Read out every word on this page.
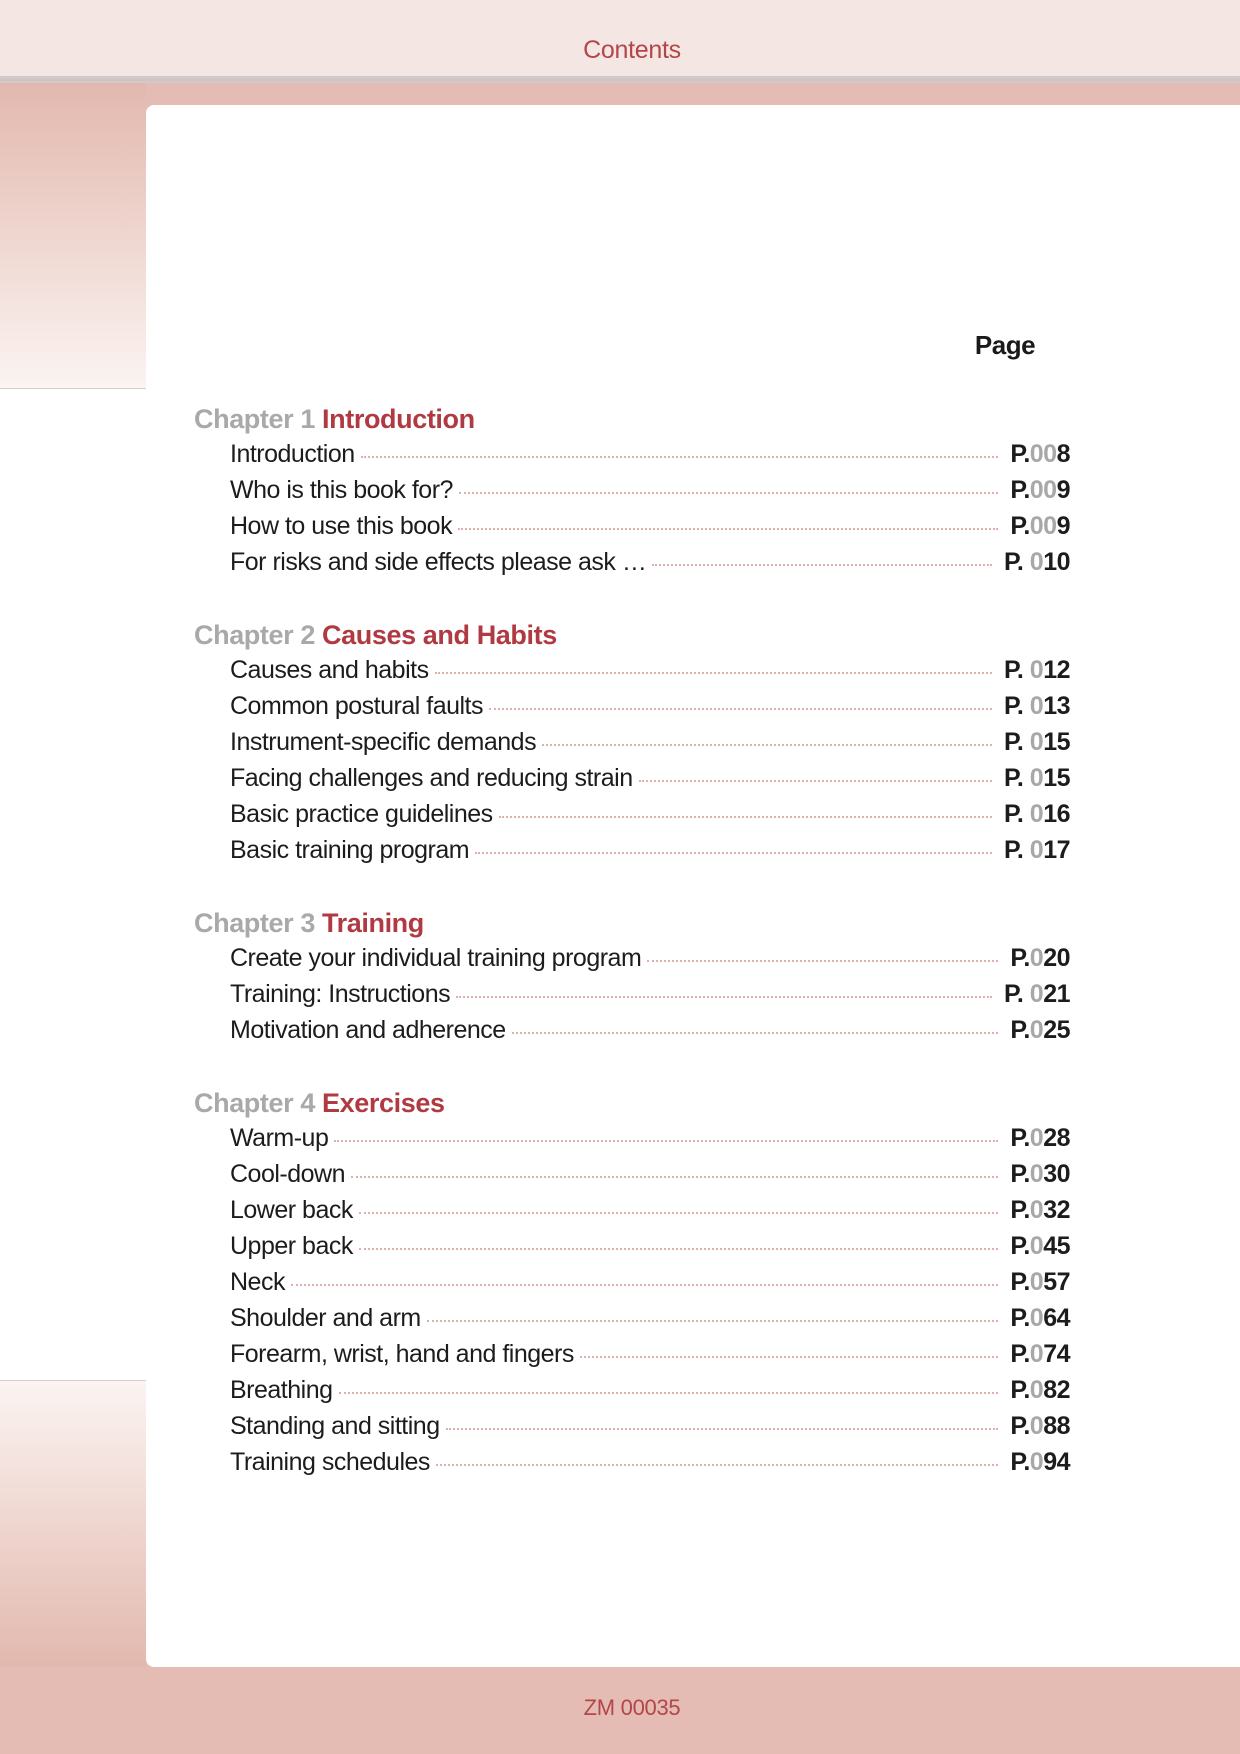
Contents
Page
Chapter 1 Introduction
Introduction	P.008
Who is this book for?	P.009
How to use this book	P.009
For risks and side effects please ask …	P. 010
Chapter 2 Causes and Habits
Causes and habits	P. 012
Common postural faults	P. 013
Instrument-specific demands	P. 015
Facing challenges and reducing strain	P. 015
Basic practice guidelines	P. 016
Basic training program	P. 017
Chapter 3 Training
Create your individual training program	P.020
Training: Instructions	P. 021
Motivation and adherence	P.025
Chapter 4 Exercises
Warm-up	P.028
Cool-down	P.030
Lower back	P.032
Upper back	P.045
Neck	P.057
Shoulder and arm	P.064
Forearm, wrist, hand and fingers	P.074
Breathing	P.082
Standing and sitting	P.088
Training schedules	P.094
ZM 00035
